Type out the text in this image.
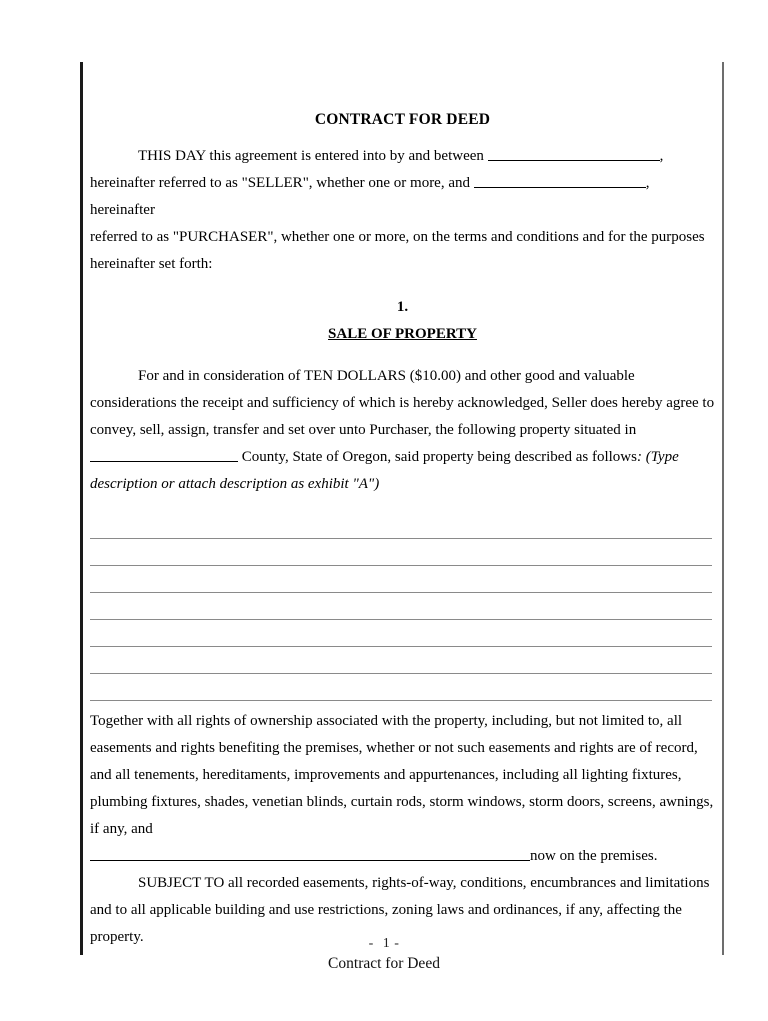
CONTRACT FOR DEED

THIS DAY this agreement is entered into by and between	,
hereinafter referred to as "SELLER", whether one or more, and	, hereinafter
referred to as "PURCHASER", whether one or more, on the terms and conditions and for the purposes
hereinafter set forth:

1.
SALE OF PROPERTY

For and in consideration of TEN DOLLARS ($10.00) and other good and valuable considerations the receipt and sufficiency of which is hereby acknowledged, Seller does hereby agree to convey, sell, assign, transfer and set over unto Purchaser, the following property situated in
County, State of Oregon, said property being described as follows: (Type description or attach description as exhibit "A")

Together with all rights of ownership associated with the property, including, but not limited to, all easements and rights benefiting the premises, whether or not such easements and rights are of record, and all tenements, hereditaments, improvements and appurtenances, including all lighting fixtures, plumbing fixtures, shades, venetian blinds, curtain rods, storm windows, storm doors, screens, awnings, if any, and
now on the premises.

SUBJECT TO all recorded easements, rights-of-way, conditions, encumbrances and limitations and to all applicable building and use restrictions, zoning laws and ordinances, if any, affecting the property.	- 1 -
Contract for Deed
